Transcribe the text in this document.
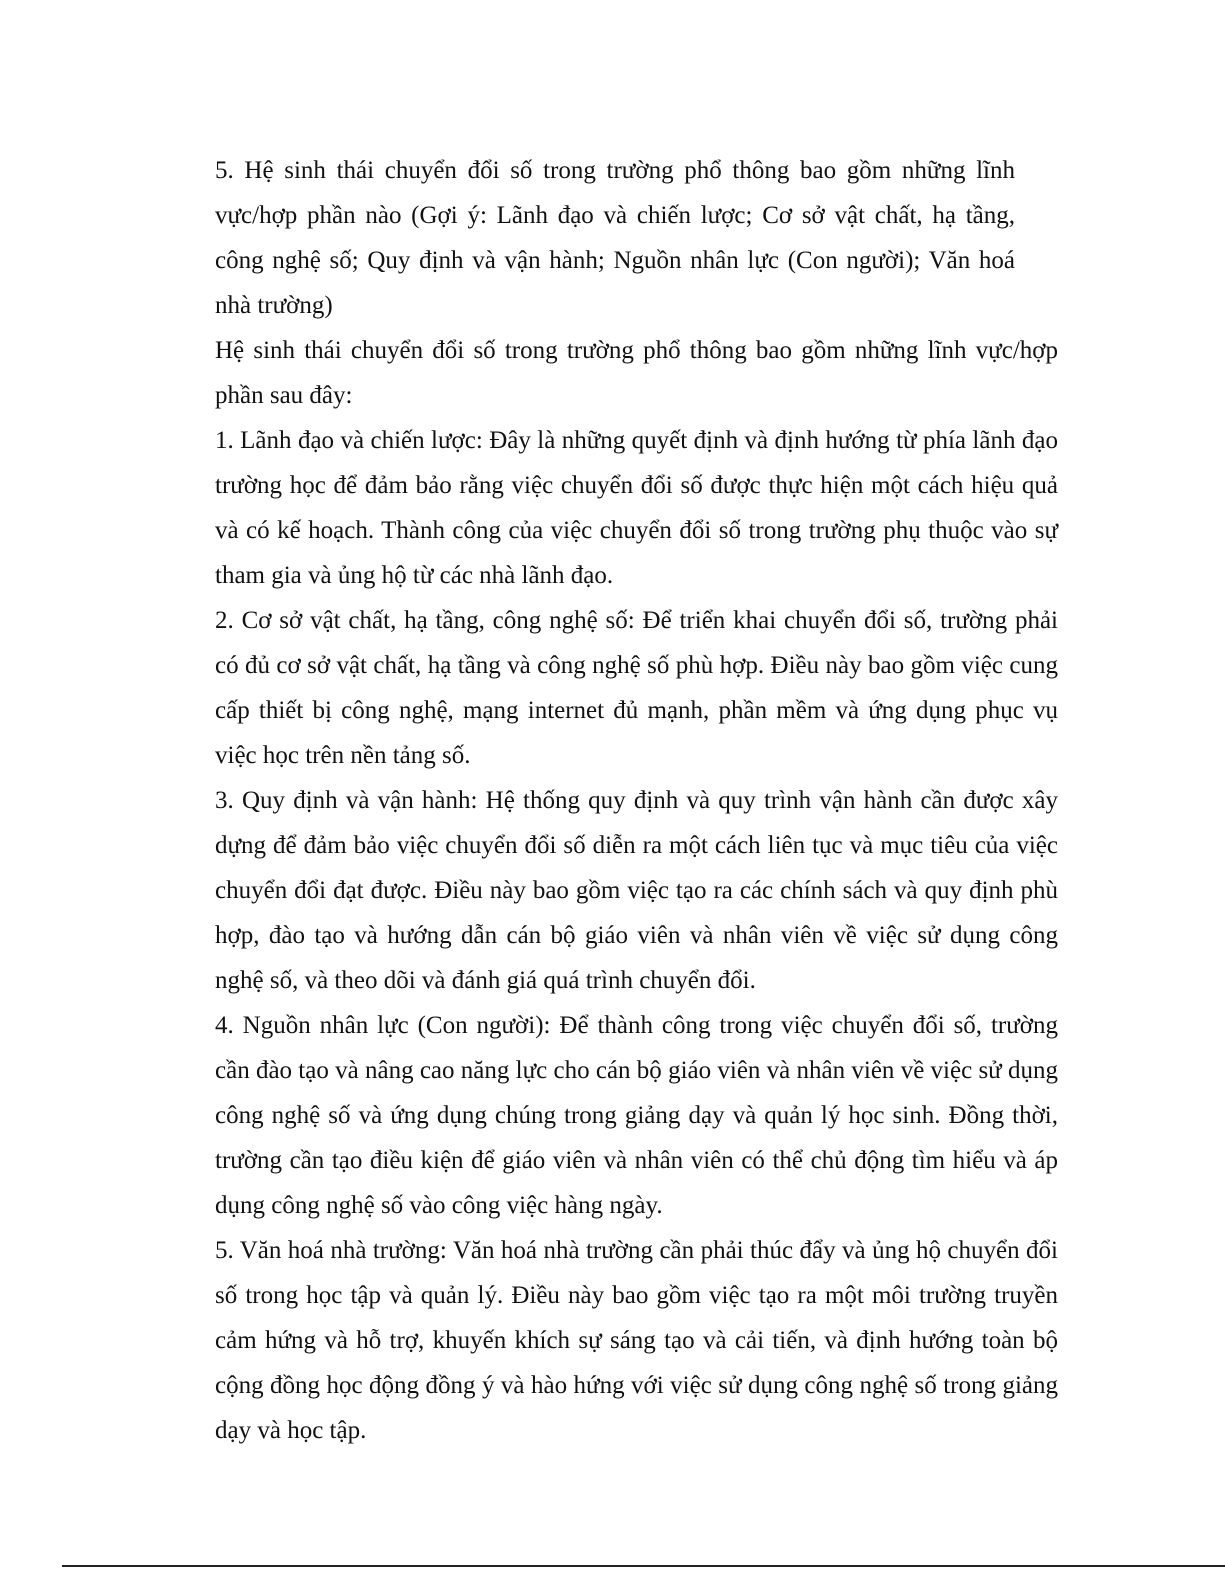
5. Hệ sinh thái chuyển đổi số trong trường phổ thông bao gồm những lĩnh vực/hợp phần nào (Gợi ý: Lãnh đạo và chiến lược; Cơ sở vật chất, hạ tầng, công nghệ số; Quy định và vận hành; Nguồn nhân lực (Con người); Văn hoá nhà trường)

Hệ sinh thái chuyển đổi số trong trường phổ thông bao gồm những lĩnh vực/hợp phần sau đây:

1. Lãnh đạo và chiến lược: Đây là những quyết định và định hướng từ phía lãnh đạo trường học để đảm bảo rằng việc chuyển đổi số được thực hiện một cách hiệu quả và có kế hoạch. Thành công của việc chuyển đổi số trong trường phụ thuộc vào sự tham gia và ủng hộ từ các nhà lãnh đạo.

2. Cơ sở vật chất, hạ tầng, công nghệ số: Để triển khai chuyển đổi số, trường phải có đủ cơ sở vật chất, hạ tầng và công nghệ số phù hợp. Điều này bao gồm việc cung cấp thiết bị công nghệ, mạng internet đủ mạnh, phần mềm và ứng dụng phục vụ việc học trên nền tảng số.

3. Quy định và vận hành: Hệ thống quy định và quy trình vận hành cần được xây dựng để đảm bảo việc chuyển đổi số diễn ra một cách liên tục và mục tiêu của việc chuyển đổi đạt được. Điều này bao gồm việc tạo ra các chính sách và quy định phù hợp, đào tạo và hướng dẫn cán bộ giáo viên và nhân viên về việc sử dụng công nghệ số, và theo dõi và đánh giá quá trình chuyển đổi.

4. Nguồn nhân lực (Con người): Để thành công trong việc chuyển đổi số, trường cần đào tạo và nâng cao năng lực cho cán bộ giáo viên và nhân viên về việc sử dụng công nghệ số và ứng dụng chúng trong giảng dạy và quản lý học sinh. Đồng thời, trường cần tạo điều kiện để giáo viên và nhân viên có thể chủ động tìm hiểu và áp dụng công nghệ số vào công việc hàng ngày.

5. Văn hoá nhà trường: Văn hoá nhà trường cần phải thúc đẩy và ủng hộ chuyển đổi số trong học tập và quản lý. Điều này bao gồm việc tạo ra một môi trường truyền cảm hứng và hỗ trợ, khuyến khích sự sáng tạo và cải tiến, và định hướng toàn bộ cộng đồng học động đồng ý và hào hứng với việc sử dụng công nghệ số trong giảng dạy và học tập.
